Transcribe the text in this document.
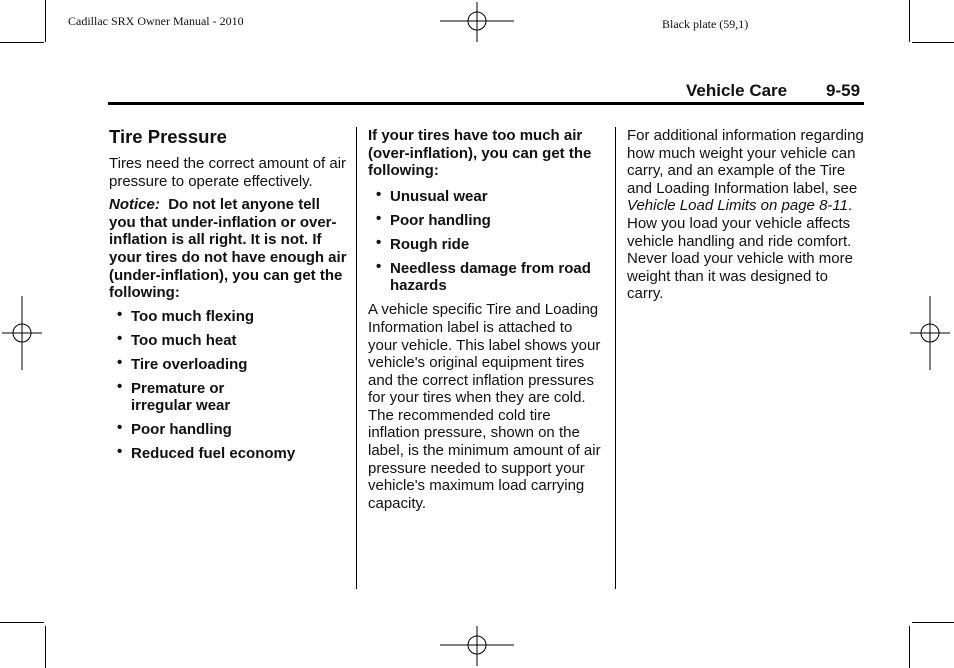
Cadillac SRX Owner Manual - 2010	Black plate (59,1)
Vehicle Care 9-59
Tire Pressure

Tires need the correct amount of air pressure to operate effectively.

Notice: Do not let anyone tell you that under-inflation or over-inflation is all right. It is not. If your tires do not have enough air (under-inflation), you can get the following:

• Too much flexing
• Too much heat
• Tire overloading
• Premature or irregular wear
• Poor handling
• Reduced fuel economy

If your tires have too much air (over-inflation), you can get the following:

• Unusual wear
• Poor handling
• Rough ride
• Needless damage from road hazards

A vehicle specific Tire and Loading Information label is attached to your vehicle. This label shows your vehicle's original equipment tires and the correct inflation pressures for your tires when they are cold. The recommended cold tire inflation pressure, shown on the label, is the minimum amount of air pressure needed to support your vehicle's maximum load carrying capacity.

For additional information regarding how much weight your vehicle can carry, and an example of the Tire and Loading Information label, see Vehicle Load Limits on page 8-11. How you load your vehicle affects vehicle handling and ride comfort. Never load your vehicle with more weight than it was designed to carry.
